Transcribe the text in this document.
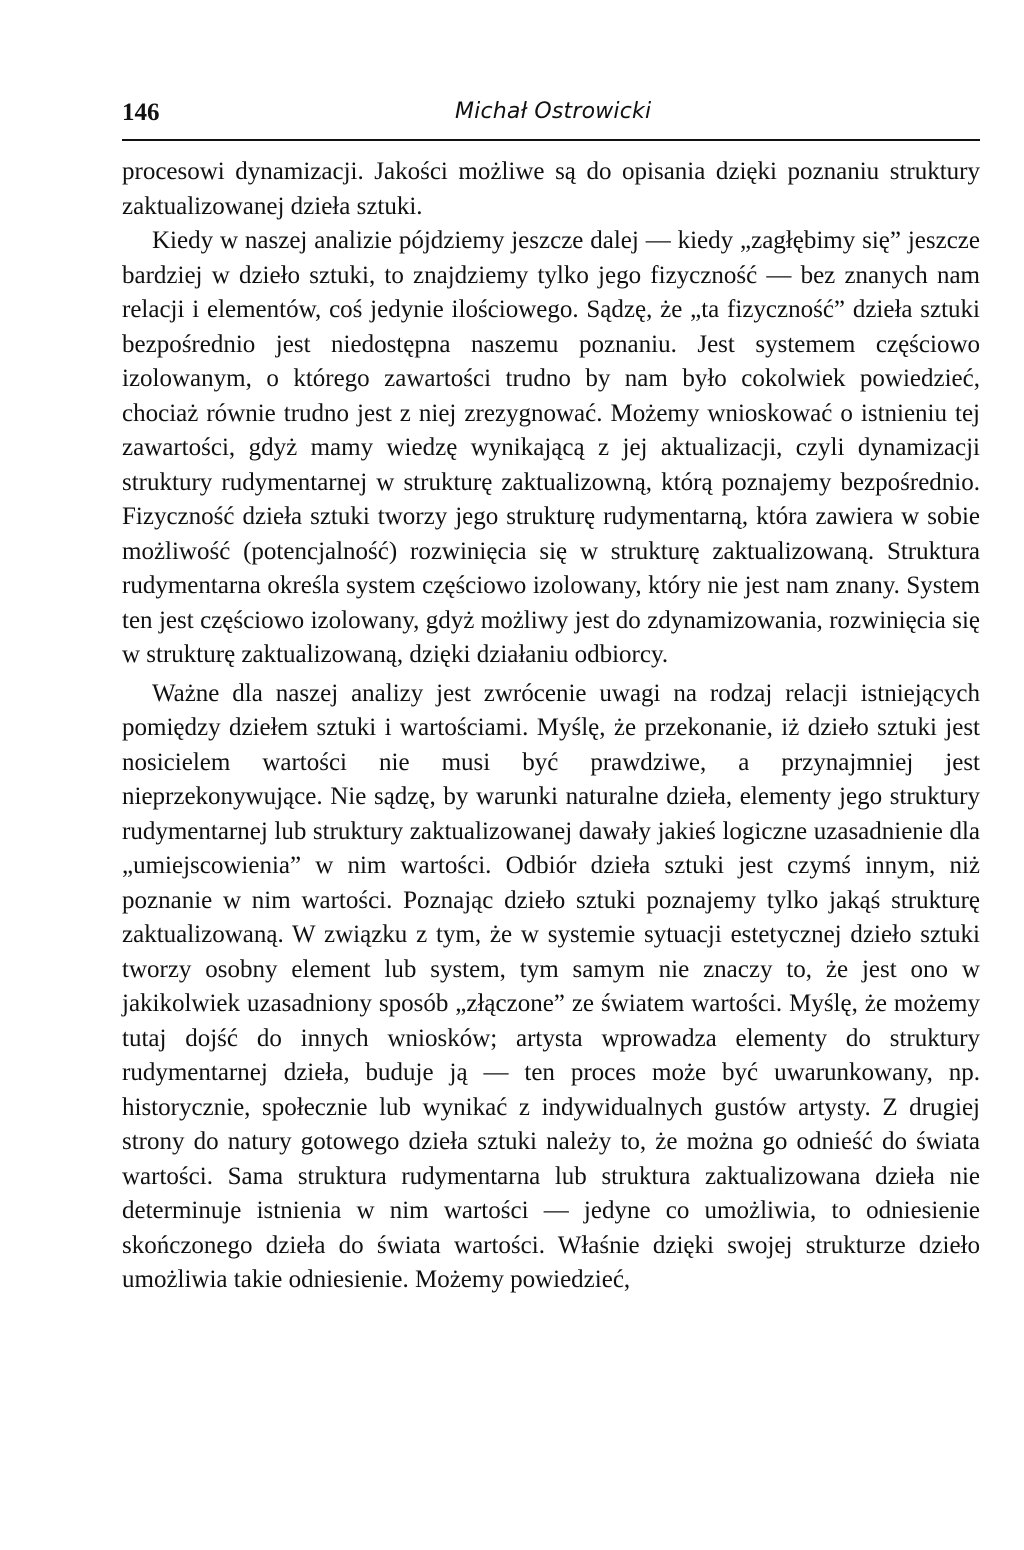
146	Michał Ostrowicki

procesowi dynamizacji. Jakości możliwe są do opisania dzięki poznaniu struktury zaktualizowanej dzieła sztuki.

Kiedy w naszej analizie pójdziemy jeszcze dalej — kiedy „zagłębimy się” jeszcze bardziej w dzieło sztuki, to znajdziemy tylko jego fizyczność — bez znanych nam relacji i elementów, coś jedynie ilościowego. Sądzę, że „ta fizyczność” dzieła sztuki bezpośrednio jest niedostępna naszemu poznaniu. Jest systemem częściowo izolowanym, o którego zawartości trudno by nam było cokolwiek powiedzieć, chociaż równie trudno jest z niej zrezygnować. Możemy wnioskować o istnieniu tej zawartości, gdyż mamy wiedzę wynikającą z jej aktualizacji, czyli dynamizacji struktury rudymentarnej w strukturę zaktualizowną, którą poznajemy bezpośrednio. Fizyczność dzieła sztuki tworzy jego strukturę rudymentarną, która zawiera w sobie możliwość (potencjalność) rozwinięcia się w strukturę zaktualizowaną. Struktura rudymentarna określa system częściowo izolowany, który nie jest nam znany. System ten jest częściowo izolowany, gdyż możliwy jest do zdynamizowania, rozwinięcia się w strukturę zaktualizowaną, dzięki działaniu odbiorcy.

Ważne dla naszej analizy jest zwrócenie uwagi na rodzaj relacji istniejących pomiędzy dziełem sztuki i wartościami. Myślę, że przekonanie, iż dzieło sztuki jest nosicielem wartości nie musi być prawdziwe, a przynajmniej jest nieprzekonywujące. Nie sądzę, by warunki naturalne dzieła, elementy jego struktury rudymentarnej lub struktury zaktualizowanej dawały jakieś logiczne uzasadnienie dla „umiejscowienia” w nim wartości. Odbiór dzieła sztuki jest czymś innym, niż poznanie w nim wartości. Poznając dzieło sztuki poznajemy tylko jakąś strukturę zaktualizowaną. W związku z tym, że w systemie sytuacji estetycznej dzieło sztuki tworzy osobny element lub system, tym samym nie znaczy to, że jest ono w jakikolwiek uzasadniony sposób „złączone” ze światem wartości. Myślę, że możemy tutaj dojść do innych wniosków; artysta wprowadza elementy do struktury rudymentarnej dzieła, buduje ją — ten proces może być uwarunkowany, np. historycznie, społecznie lub wynikać z indywidualnych gustów artysty. Z drugiej strony do natury gotowego dzieła sztuki należy to, że można go odnieść do świata wartości. Sama struktura rudymentarna lub struktura zaktualizowana dzieła nie determinuje istnienia w nim wartości — jedyne co umożliwia, to odniesienie skończonego dzieła do świata wartości. Właśnie dzięki swojej strukturze dzieło umożliwia takie odniesienie. Możemy powiedzieć,
